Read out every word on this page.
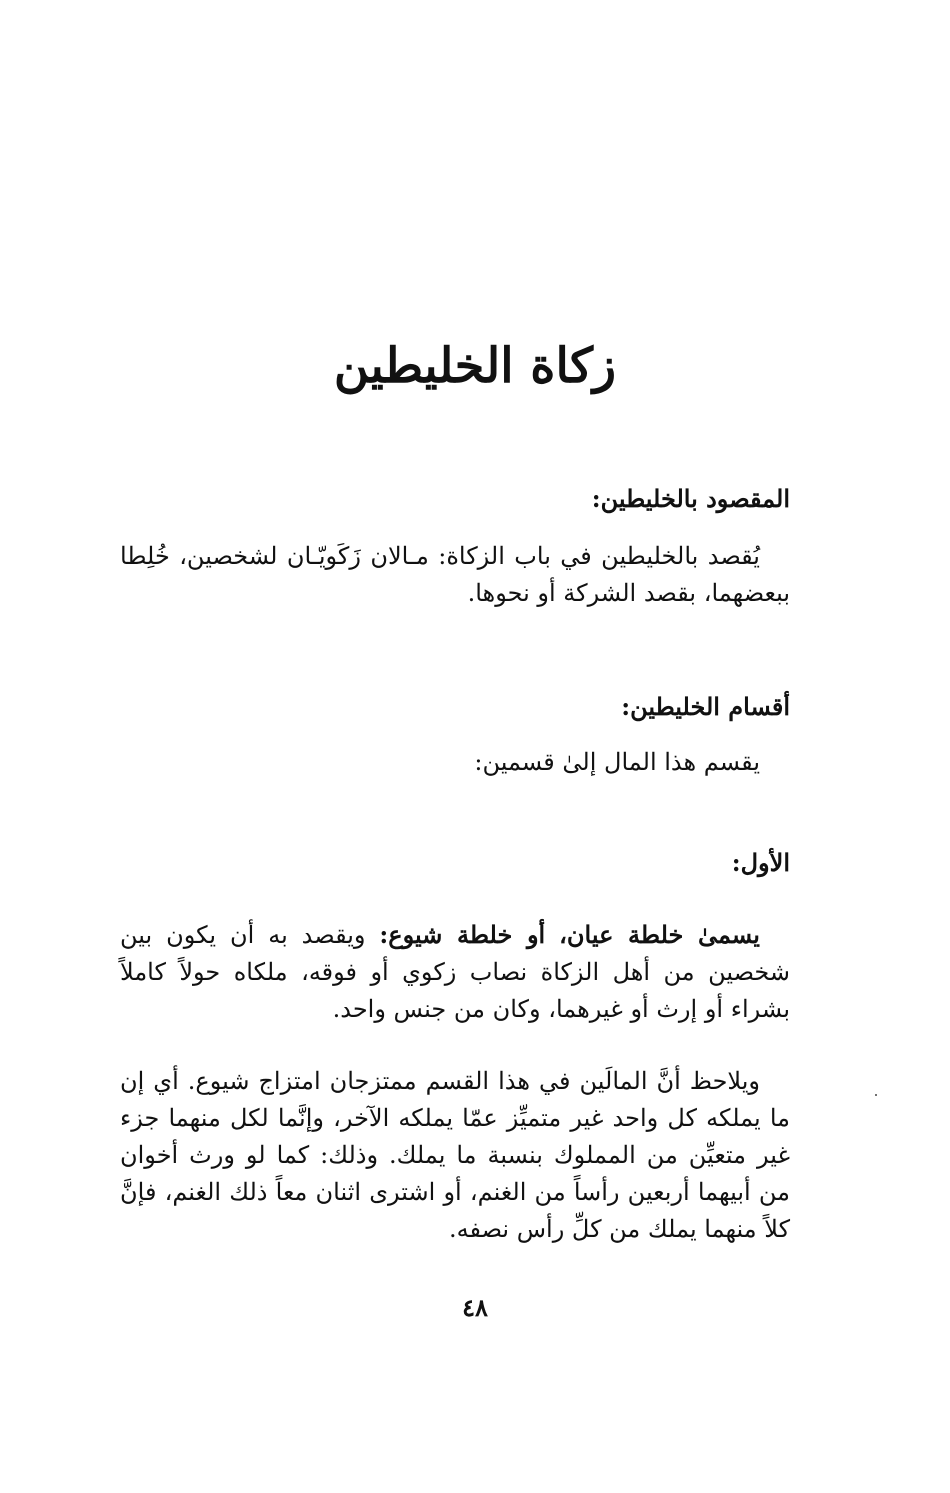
زكاة الخليطين
المقصود بالخليطين:

يُقصد بالخليطين في باب الزكاة: مـالان زَكَويّـان لشخصين، خُلِطا ببعضهما، بقصد الشركة أو نحوها.

أقسام الخليطين:
يقسم هذا المال إلىٰ قسمين:
الأول:

يسمىٰ خلطة عيان، أو خلطة شيوع: ويقصد به أن يكون بين شخصين من أهل الزكاة نصاب زكوي أو فوقه، ملكاه حولاً كاملاً بشراء أو إرث أو غيرهما، وكان من جنس واحد.

ويلاحظ أنَّ المالَين في هذا القسم ممتزجان امتزاج شيوع. أي إن ما يملكه كل واحد غير متميِّز عمّا يملكه الآخر، وإنَّما لكل منهما جزء غير متعيِّن من المملوك بنسبة ما يملك. وذلك: كما لو ورث أخوان من أبيهما أربعين رأساً من الغنم، أو اشترى اثنان معاً ذلك الغنم، فإنَّ كلاً منهما يملك من كلِّ رأس نصفه.

٤٨
